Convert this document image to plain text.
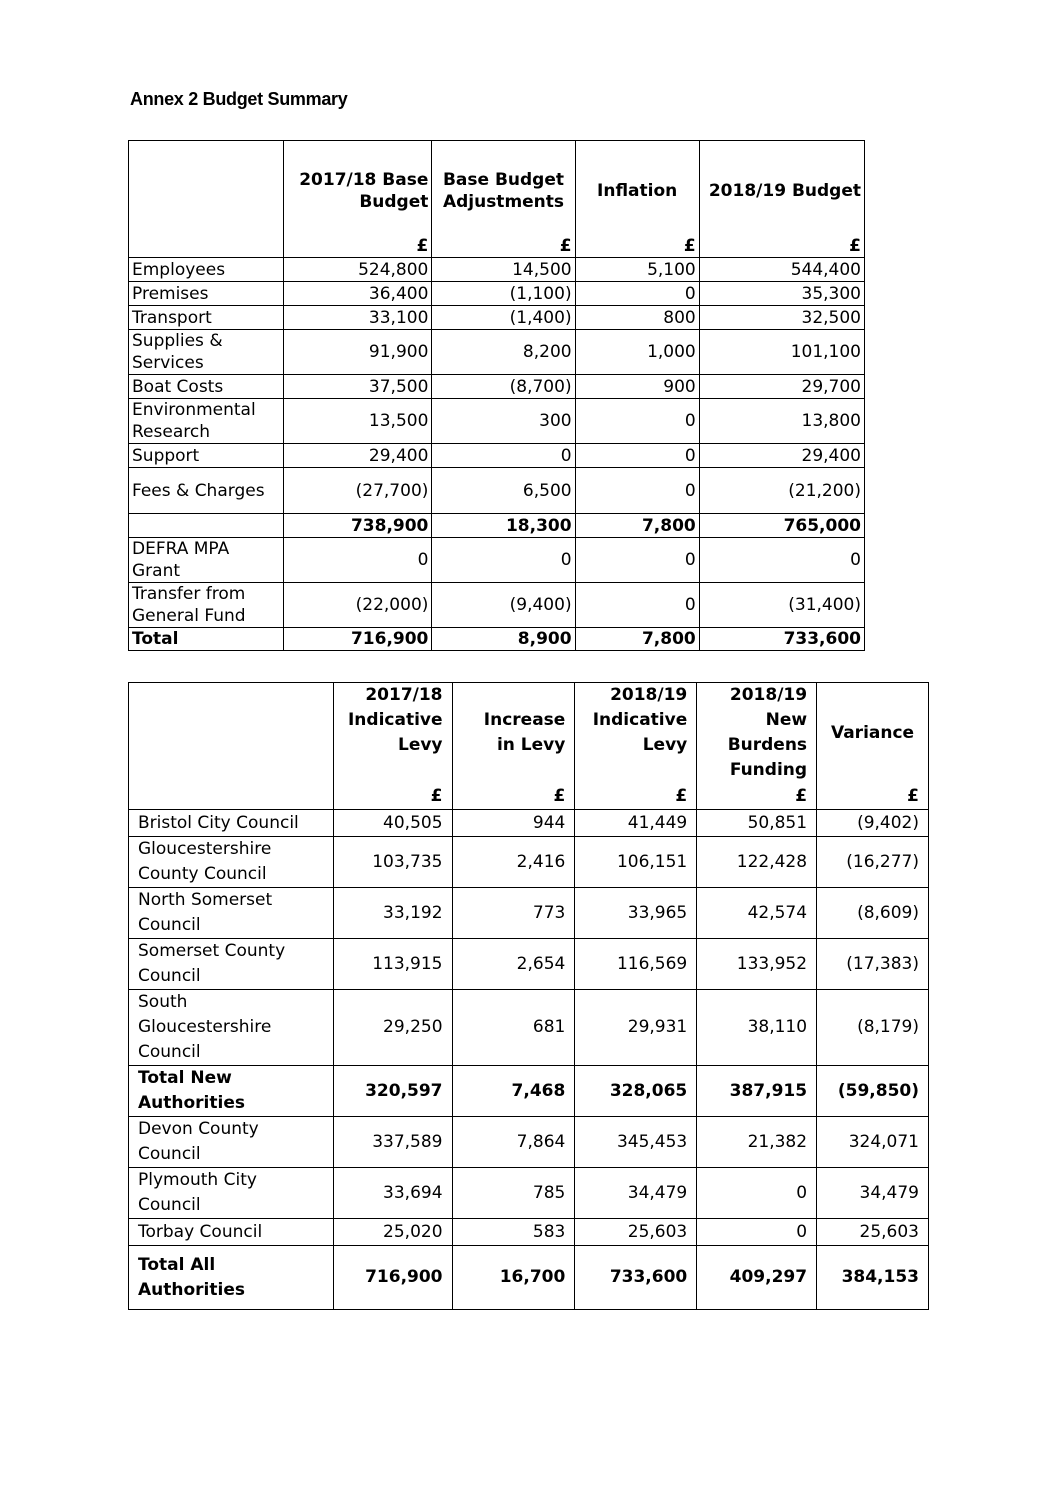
Annex 2 Budget Summary
	2017/18 Base Budget	Base Budget Adjustments	Inflation	2018/19 Budget
	£	£	£	£
Employees	524,800	14,500	5,100	544,400
Premises	36,400	(1,100)	0	35,300
Transport	33,100	(1,400)	800	32,500
Supplies & Services	91,900	8,200	1,000	101,100
Boat Costs	37,500	(8,700)	900	29,700
Environmental Research	13,500	300	0	13,800
Support	29,400	0	0	29,400
Fees & Charges	(27,700)	6,500	0	(21,200)
	738,900	18,300	7,800	765,000
DEFRA MPA Grant	0	0	0	0
Transfer from General Fund	(22,000)	(9,400)	0	(31,400)
Total	716,900	8,900	7,800	733,600
	2017/18 Indicative Levy	Increase in Levy	2018/19 Indicative Levy	2018/19 New Burdens Funding	Variance
	£	£	£	£	£
Bristol City Council	40,505	944	41,449	50,851	(9,402)
Gloucestershire County Council	103,735	2,416	106,151	122,428	(16,277)
North Somerset Council	33,192	773	33,965	42,574	(8,609)
Somerset County Council	113,915	2,654	116,569	133,952	(17,383)
South Gloucestershire Council	29,250	681	29,931	38,110	(8,179)
Total New Authorities	320,597	7,468	328,065	387,915	(59,850)
Devon County Council	337,589	7,864	345,453	21,382	324,071
Plymouth City Council	33,694	785	34,479	0	34,479
Torbay Council	25,020	583	25,603	0	25,603
Total All Authorities	716,900	16,700	733,600	409,297	384,153
